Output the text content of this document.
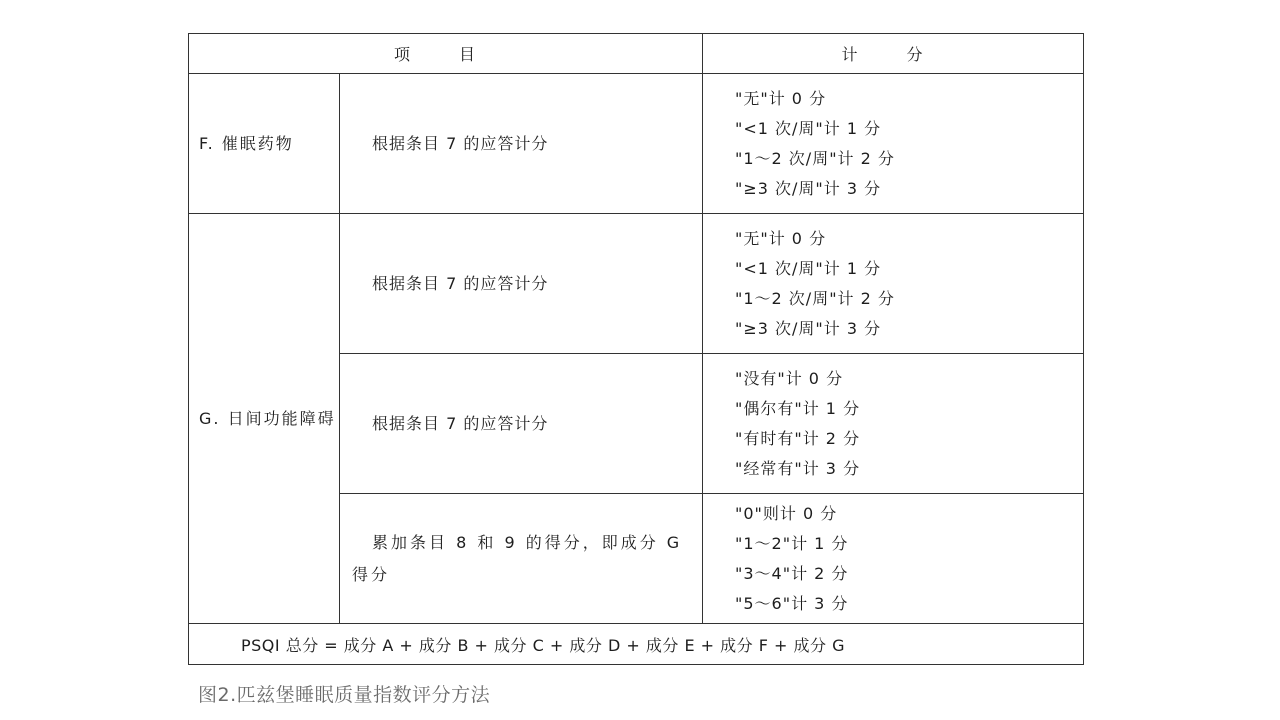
项 目		计 分
F. 催眠药物	根据条目 7 的应答计分	"无"计 0 分
"<1 次/周"计 1 分
"1～2 次/周"计 2 分
"≥3 次/周"计 3 分

G. 日间功能障碍	根据条目 7 的应答计分	"无"计 0 分
"<1 次/周"计 1 分
"1～2 次/周"计 2 分
"≥3 次/周"计 3 分

	根据条目 7 的应答计分	"没有"计 0 分
"偶尔有"计 1 分
"有时有"计 2 分
"经常有"计 3 分

	累加条目 8 和 9 的得分，即成分 G 得分	"0"则计 0 分
"1～2"计 1 分
"3～4"计 2 分
"5～6"计 3 分

PSQI 总分 = 成分 A + 成分 B + 成分 C + 成分 D + 成分 E + 成分 F + 成分 G		
图2.匹兹堡睡眠质量指数评分方法
